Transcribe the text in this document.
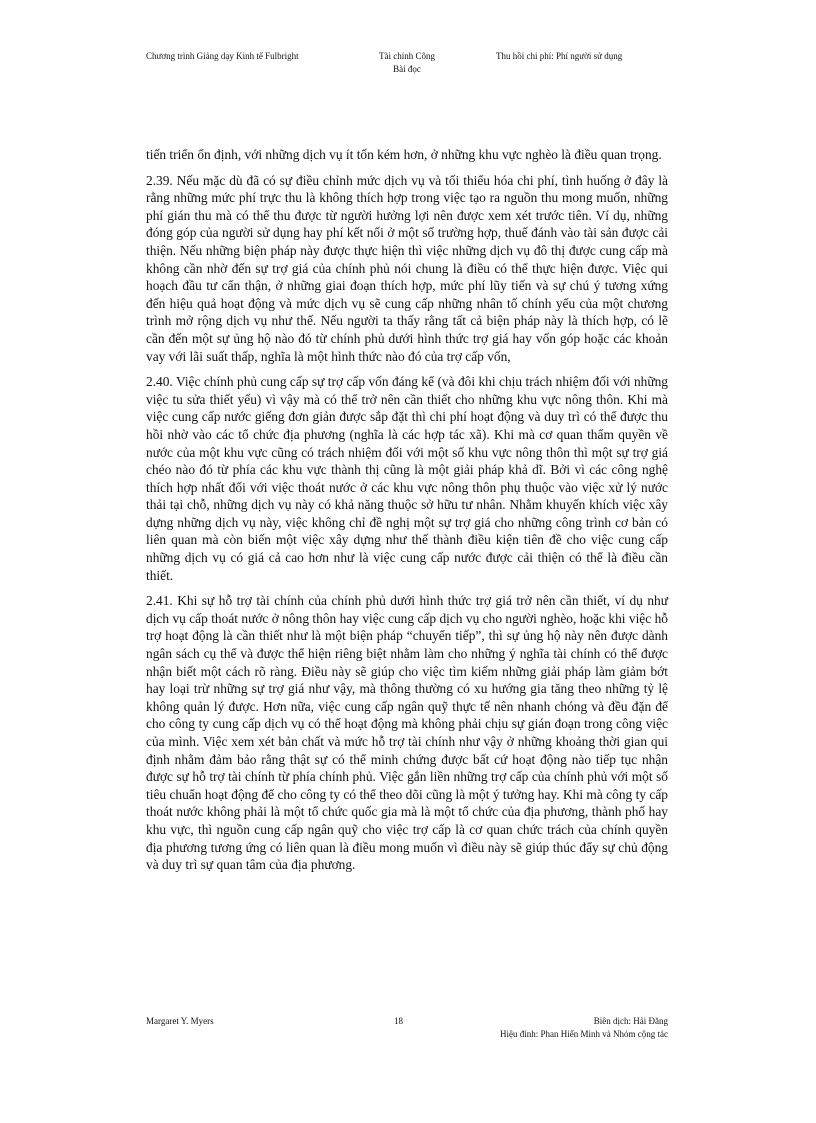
Chương trình Giảng dạy Kinh tế Fulbright	Tài chính Công
Bài đọc
Thu hồi chi phí: Phí người sử dụng

tiến triển ổn định, với những dịch vụ ít tốn kém hơn, ở những khu vực nghèo là điều quan trọng.

2.39. Nếu mặc dù đã có sự điều chỉnh mức dịch vụ và tối thiểu hóa chi phí, tình huống ở đây là rằng những mức phí trực thu là không thích hợp trong việc tạo ra nguồn thu mong muốn, những phí gián thu mà có thể thu được từ người hưởng lợi nên được xem xét trước tiên. Ví dụ, những đóng góp của người sử dụng hay phí kết nối ở một số trường hợp, thuế đánh vào tài sản được cải thiện. Nếu những biện pháp này được thực hiện thì việc những dịch vụ đô thị được cung cấp mà không cần nhờ đến sự trợ giá của chính phủ nói chung là điều có thể thực hiện được. Việc qui hoạch đầu tư cẩn thận, ở những giai đoạn thích hợp, mức phí lũy tiến và sự chú ý tương xứng đến hiệu quả hoạt động và mức dịch vụ sẽ cung cấp những nhân tố chính yếu của một chương trình mở rộng dịch vụ như thế. Nếu người ta thấy rằng tất cả biện pháp này là thích hợp, có lẽ cần đến một sự ủng hộ nào đó từ chính phủ dưới hình thức trợ giá hay vốn góp hoặc các khoản vay với lãi suất thấp, nghĩa là một hình thức nào đó của trợ cấp vốn,

2.40. Việc chính phủ cung cấp sự trợ cấp vốn đáng kể (và đôi khi chịu trách nhiệm đối với những việc tu sửa thiết yếu) vì vậy mà có thể trở nên cần thiết cho những khu vực nông thôn. Khi mà việc cung cấp nước giếng đơn giản được sắp đặt thì chi phí hoạt động và duy trì có thể được thu hồi nhờ vào các tổ chức địa phương (nghĩa là các hợp tác xã). Khi mà cơ quan thẩm quyền về nước của một khu vực cũng có trách nhiệm đối với một số khu vực nông thôn thì một sự trợ giá chéo nào đó từ phía các khu vực thành thị cũng là một giải pháp khả dĩ. Bởi vì các công nghệ thích hợp nhất đối với việc thoát nước ở các khu vực nông thôn phụ thuộc vào việc xử lý nước thải tại chỗ, những dịch vụ này có khả năng thuộc sở hữu tư nhân. Nhằm khuyến khích việc xây dựng những dịch vụ này, việc không chỉ đề nghị một sự trợ giá cho những công trình cơ bản có liên quan mà còn biến một việc xây dựng như thế thành điều kiện tiên đề cho việc cung cấp những dịch vụ có giá cả cao hơn như là việc cung cấp nước được cải thiện có thể là điều cần thiết.

2.41. Khi sự hỗ trợ tài chính của chính phủ dưới hình thức trợ giá trở nên cần thiết, ví dụ như dịch vụ cấp thoát nước ở nông thôn hay việc cung cấp dịch vụ cho người nghèo, hoặc khi việc hỗ trợ hoạt động là cần thiết như là một biện pháp “chuyển tiếp”, thì sự ủng hộ này nên được dành ngân sách cụ thể và được thể hiện riêng biệt nhằm làm cho những ý nghĩa tài chính có thể được nhận biết một cách rõ ràng. Điều này sẽ giúp cho việc tìm kiếm những giải pháp làm giảm bớt hay loại trừ những sự trợ giá như vậy, mà thông thường có xu hướng gia tăng theo những tỷ lệ không quản lý được. Hơn nữa, việc cung cấp ngân quỹ thực tế nên nhanh chóng và đều đặn để cho công ty cung cấp dịch vụ có thể hoạt động mà không phải chịu sự gián đoạn trong công việc của mình. Việc xem xét bản chất và mức hỗ trợ tài chính như vậy ở những khoảng thời gian qui định nhằm đảm bảo rằng thật sự có thể minh chứng được bất cứ hoạt động nào tiếp tục nhận được sự hỗ trợ tài chính từ phía chính phủ. Việc gắn liền những trợ cấp của chính phủ với một số tiêu chuẩn hoạt động để cho công ty có thể theo dõi cũng là một ý tưởng hay. Khi mà công ty cấp thoát nước không phải là một tổ chức quốc gia mà là một tổ chức của địa phương, thành phố hay khu vực, thì nguồn cung cấp ngân quỹ cho việc trợ cấp là cơ quan chức trách của chính quyền địa phương tương ứng có liên quan là điều mong muốn vì điều này sẽ giúp thúc đẩy sự chủ động và duy trì sự quan tâm của địa phương.

Margaret Y. Myers	18	Biên dịch: Hải Đăng
Hiệu đính: Phan Hiển Minh và Nhóm cộng tác
